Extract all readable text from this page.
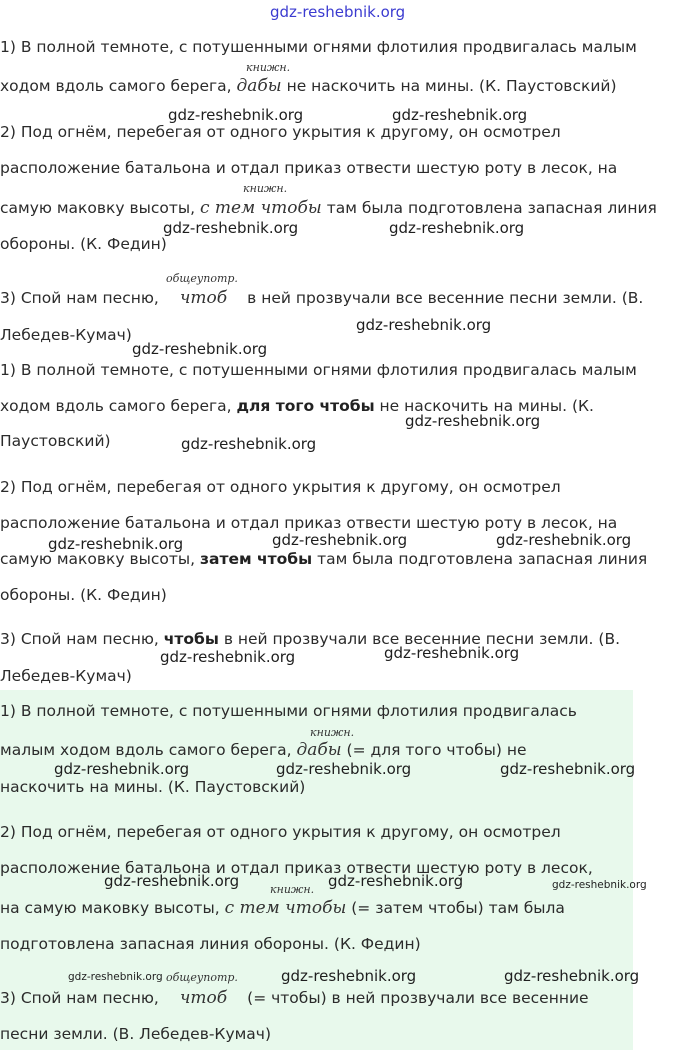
gdz-reshebnik.org
1) В полной темноте, с потушенными огнями флотилия продвигалась малым
книжн.
ходом вдоль самого берега, дабы не наскочить на мины. (К. Паустовский)
gdz-reshebnik.org	gdz-reshebnik.org
2) Под огнём, перебегая от одного укрытия к другому, он осмотрел
расположение батальона и отдал приказ отвести шестую роту в лесок, на
книжн.
самую маковку высоты, с тем чтобы там была подготовлена запасная линия
gdz-reshebnik.org	gdz-reshebnik.org
обороны. (К. Федин)
общеупотр.
3) Спой нам песню, чтоб в ней прозвучали все весенние песни земли. (В.
gdz-reshebnik.org
Лебедев-Кумач)
gdz-reshebnik.org
1) В полной темноте, с потушенными огнями флотилия продвигалась малым
ходом вдоль самого берега, для того чтобы не наскочить на мины. (К.
gdz-reshebnik.org
Паустовский)	gdz-reshebnik.org
2) Под огнём, перебегая от одного укрытия к другому, он осмотрел
расположение батальона и отдал приказ отвести шестую роту в лесок, на
gdz-reshebnik.org	gdz-reshebnik.org	gdz-reshebnik.org
самую маковку высоты, затем чтобы там была подготовлена запасная линия
обороны. (К. Федин)
3) Спой нам песню, чтобы в ней прозвучали все весенние песни земли. (В.
gdz-reshebnik.org
gdz-reshebnik.org
Лебедев-Кумач)
1) В полной темноте, с потушенными огнями флотилия продвигалась
книжн.
малым ходом вдоль самого берега, дабы (= для того чтобы) не
gdz-reshebnik.org	gdz-reshebnik.org	gdz-reshebnik.org
наскочить на мины. (К. Паустовский)
2) Под огнём, перебегая от одного укрытия к другому, он осмотрел
расположение батальона и отдал приказ отвести шестую роту в лесок,
gdz-reshebnik.org	gdz-reshebnik.org	gdz-reshebnik.org
книжн.
на самую маковку высоты, с тем чтобы (= затем чтобы) там была
подготовлена запасная линия обороны. (К. Федин)
gdz-reshebnik.org общеупотр.	gdz-reshebnik.org	gdz-reshebnik.org
3) Спой нам песню, чтоб (= чтобы) в ней прозвучали все весенние
песни земли. (В. Лебедев-Кумач)
